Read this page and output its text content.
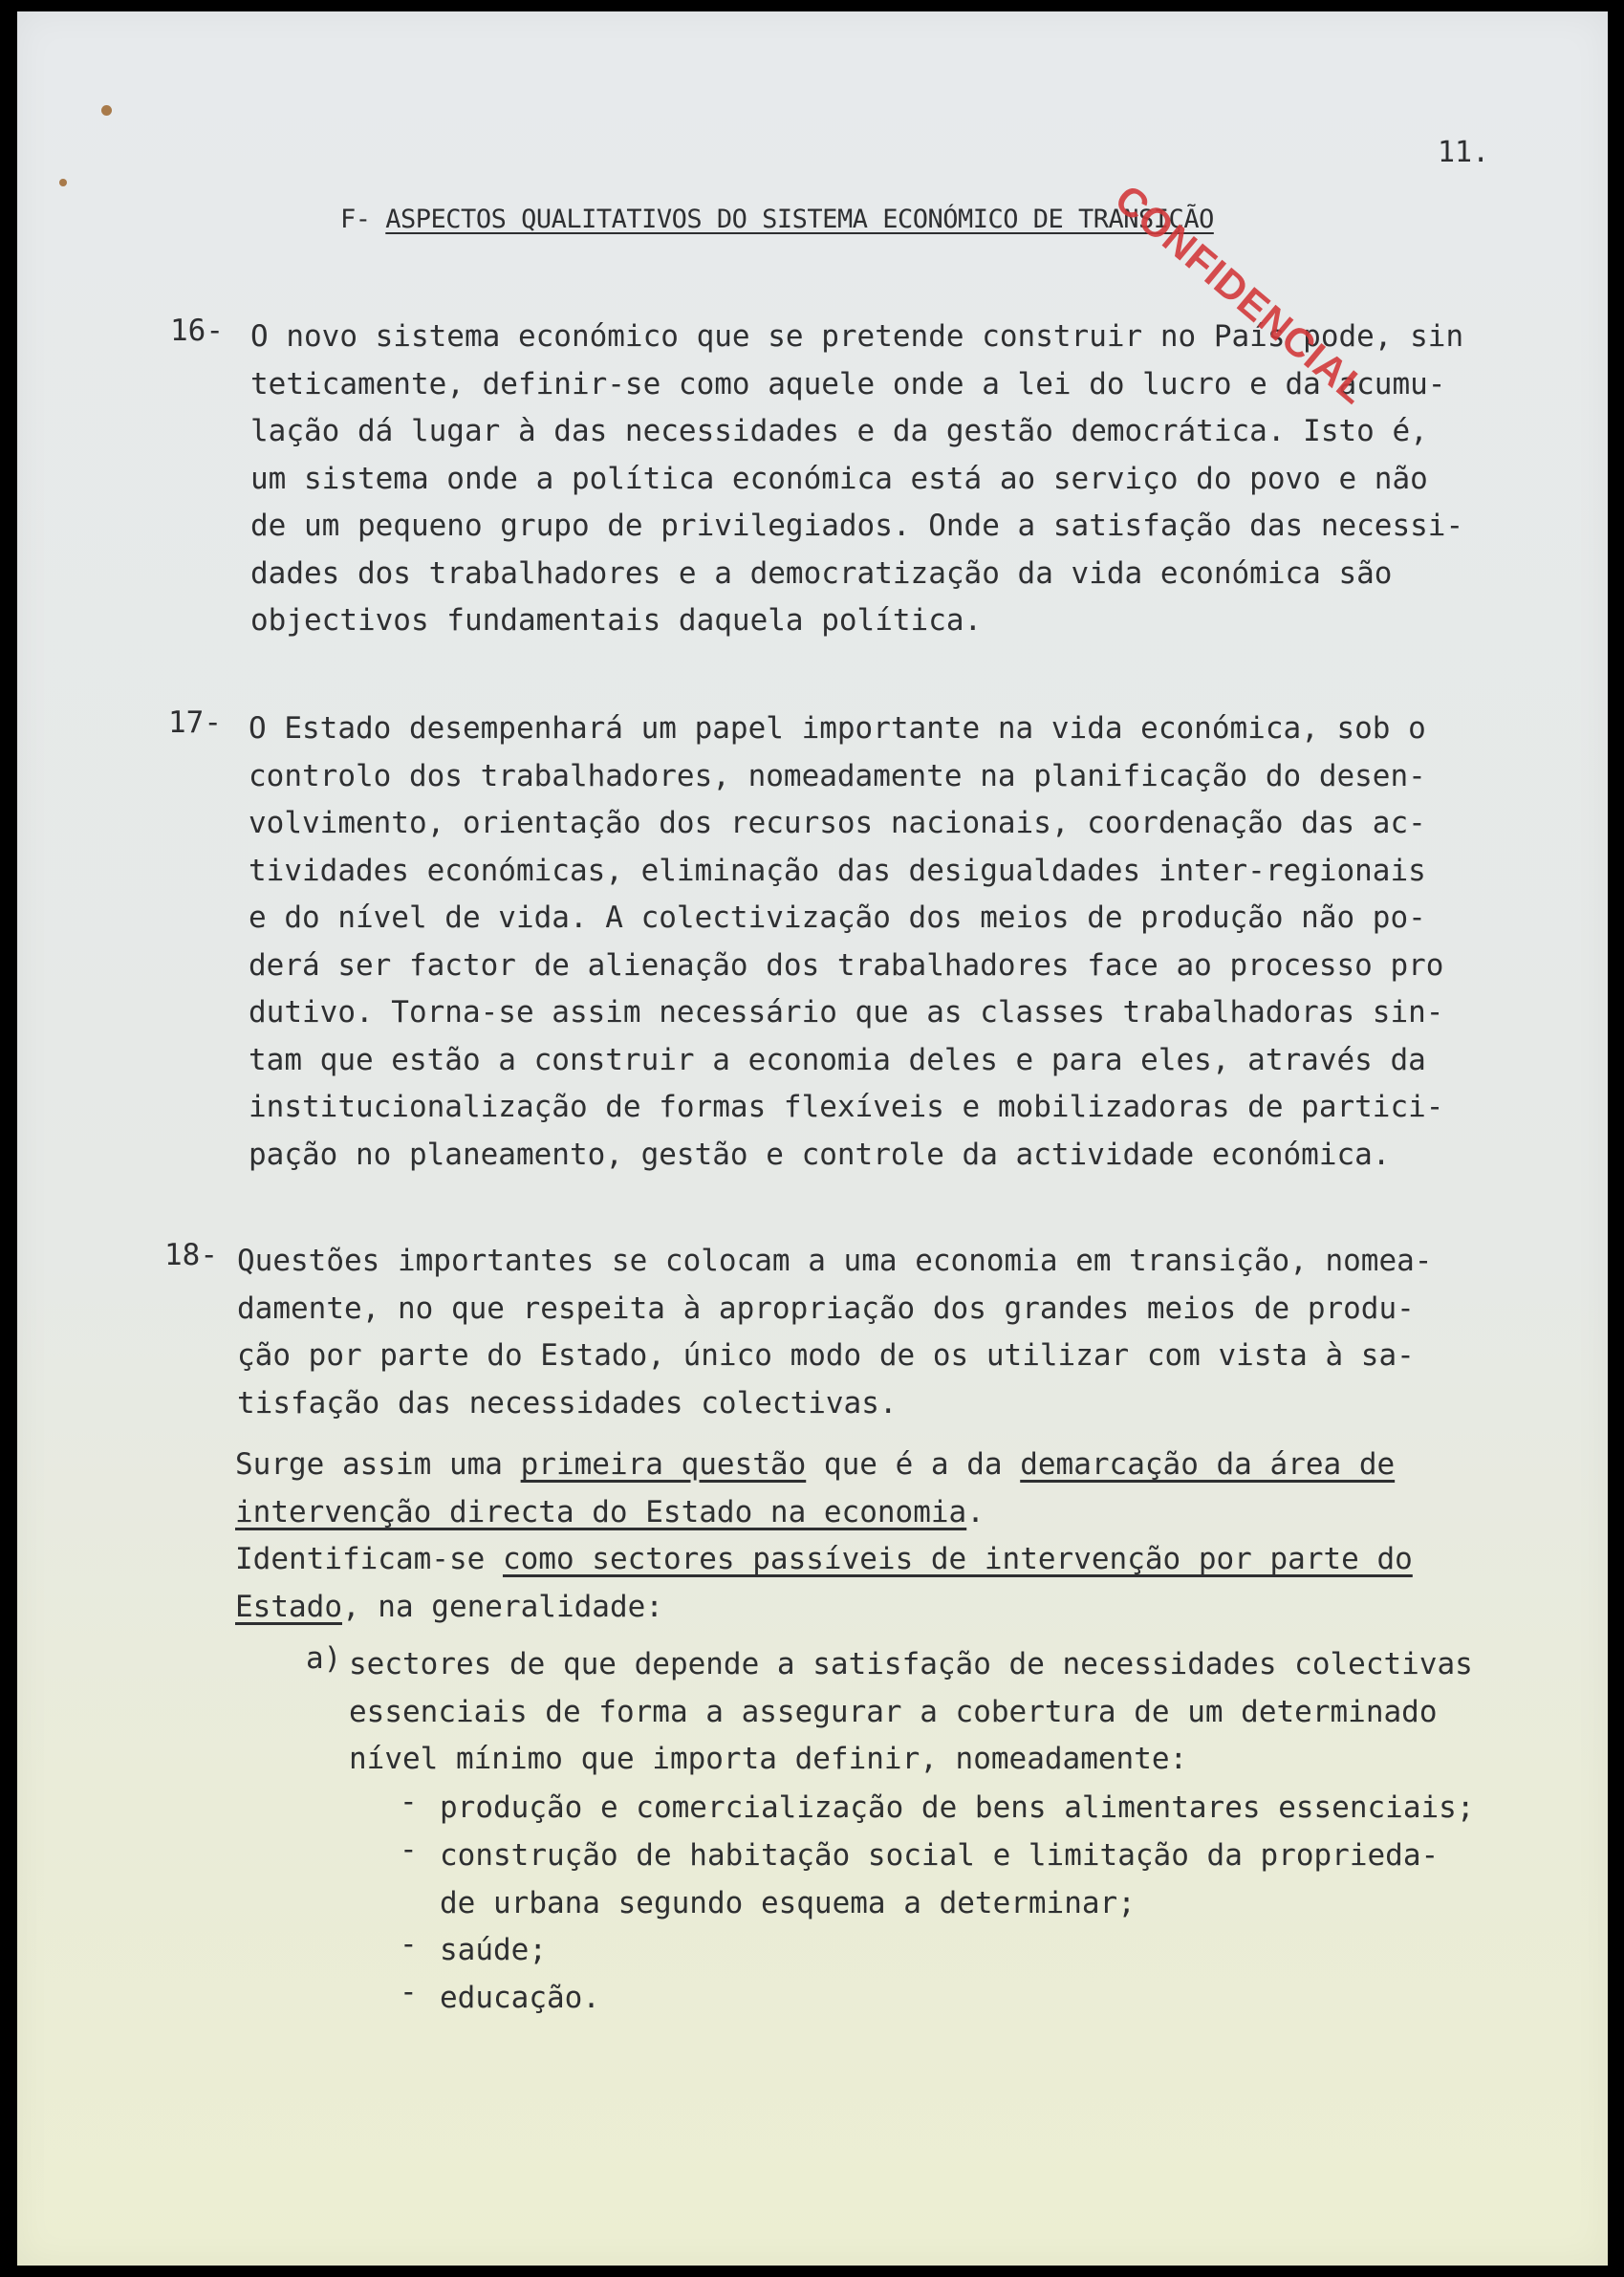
11.
F- ASPECTOS QUALITATIVOS DO SISTEMA ECONÓMICO DE TRANSIÇÃO
16- O novo sistema económico que se pretende construir no País pode, sin
teticamente, definir-se como aquele onde a lei do lucro e da acumu-
lação dá lugar à das necessidades e da gestão democrática. Isto é,
um sistema onde a política económica está ao serviço do povo e não
de um pequeno grupo de privilegiados. Onde a satisfação das necessi-
dades dos trabalhadores e a democratização da vida económica são
objectivos fundamentais daquela política.
17- O Estado desempenhará um papel importante na vida económica, sob o
controlo dos trabalhadores, nomeadamente na planificação do desen-
volvimento, orientação dos recursos nacionais, coordenação das ac-
tividades económicas, eliminação das desigualdades inter-regionais
e do nível de vida. A colectivização dos meios de produção não po-
derá ser factor de alienação dos trabalhadores face ao processo pro
dutivo. Torna-se assim necessário que as classes trabalhadoras sin-
tam que estão a construir a economia deles e para eles, através da
institucionalização de formas flexíveis e mobilizadoras de partici-
pação no planeamento, gestão e controle da actividade económica.
18- Questões importantes se colocam a uma economia em transição, nomea-
damente, no que respeita à apropriação dos grandes meios de produ-
ção por parte do Estado, único modo de os utilizar com vista à sa-
tisfação das necessidades colectivas.
Surge assim uma primeira questão que é a da demarcação da área de
intervenção directa do Estado na economia.
Identificam-se como sectores passíveis de intervenção por parte do
Estado, na generalidade:
a) sectores de que depende a satisfação de necessidades colectivas
essenciais de forma a assegurar a cobertura de um determinado
nível mínimo que importa definir, nomeadamente:
- produção e comercialização de bens alimentares essenciais;
- construção de habitação social e limitação da proprieda-
de urbana segundo esquema a determinar;
- saúde;
- educação.
CONFIDENCIAL
